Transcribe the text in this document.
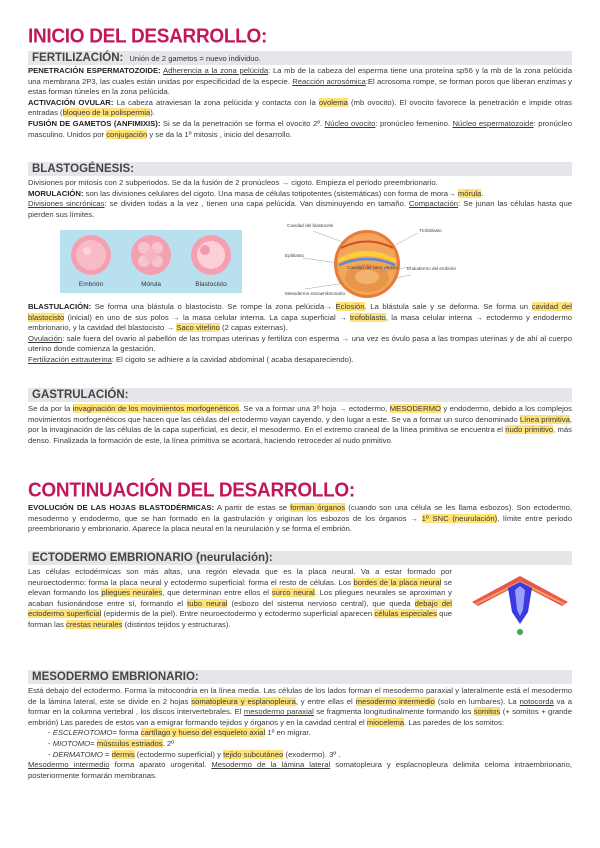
INICIO DEL DESARROLLO:
FERTILIZACIÓN: Unión de 2 gametos = nuevo individuo.

PENETRACIÓN ESPERMATOZOIDE: Adherencia a la zona pelúcida: La mb de la cabeza del esperma tiene una proteína sp56 y la mb de la zona pelúcida una membrana 2P3, las cuales están unidas por especificidad de la especie. Reacción acrosómica:El acrosoma rompe, se forman poros que liberan enzimas y estas forman túneles en la zona pelúcida.

ACTIVACIÓN OVULAR: La cabeza atraviesan la zona pelúcida y contacta con la ovolema (mb ovocito). El ovocito favorece la penetración e impide otras entradas (bloqueo de la polispermia).

FUSIÓN DE GAMETOS (ANFIMIXIS): Si se da la penetración se forma el ovocito 2º. Núcleo ovocito: pronúcleo femenino. Núcleo espermatozoide: pronúcleo masculino. Unidos por conjugación y se da la 1º mitosis , inicio del desarrollo.

BLASTOGÉNESIS:

Divisiones por mitosis con 2 subperiodos. Se da la fusión de 2 pronúcleos → cigoto. Empieza el periodo preembrionario.

MORULACIÓN: son las divisiones celulares del cigoto. Una masa de células totipotentes (sistemáticas) con forma de mora→ mórula.

Divisiones sincrónicas: se dividen todas a la vez , tienen una capa pelúcida. Van disminuyendo en tamaño. Compactación: Se junan las células hasta que pierden sus límites.

Embrión	Mórula	Blastocisto
Cavidad del blastocele
Trofoblasto
Epiblasto
Cavidad del saco vitelino Endodermo del embrión
Mesodermo extraembrionario

BLASTULACIÓN: Se forma una blástula o blastocisto. Se rompe la zona pelúcida→ Eclosión. La blástula sale y se deforma. Se forma un cavidad del blastocisto (inicial) en uno de sus polos → la masa celular interna. La capa superficial → trofoblasto, la masa celular interna → ectodermo y endodermo embrionario, y la cavidad del blastocisto → Saco vitelino (2 capas externas).

Ovulación: sale fuera del ovario al pabellón de las trompas uterinas y fertiliza con esperma → una vez es óvulo pasa a las trompas uterinas y de ahí al cuerpo uterino donde comienza la gestación.

Fertilización extrauterina: El cigoto se adhiere a la cavidad abdominal ( acaba desapareciendo).

GASTRULACIÓN:

Se da por la invaginación de los movimientos morfogenéticos. Se va a formar una 3º hoja → ectodermo, MESODERMO y endodermo, debido a los complejos movimientos morfogenéticos que hacen que las células del ectodermo vayan cayendo, y den lugar a este. Se va a formar un surco denominado Línea primitiva, por la invaginación de las células de la capa superficial, es decir, el mesodermo. En el extremo craneal de la línea primitiva se encuentra el nudo primitivo, más denso. Finalizada la formación de este, la línea primitiva se acortará, haciendo retroceder al nudo primitivo.

CONTINUACIÓN DEL DESARROLLO:

EVOLUCIÓN DE LAS HOJAS BLASTODÉRMICAS: A partir de estas se forman órganos (cuando son una célula se les llama esbozos). Son ectodermo, mesodermo y endodermo, que se han formado en la gastrulación y originan los esbozos de los órganos → 1º SNC (neurulación), límite entre periodo preembrionario y embrionario. Aparece la placa neural en la neurulación y se forma el embrión.

ECTODERMO EMBRIONARIO (neurulación):

Las células ectodérmicas son más altas, una región elevada que es la placa neural. Va a estar formado por neuroectodermo: forma la placa neural y ectodermo superficial: forma el resto de células. Los bordes de la placa neural se elevan formando los pliegues neurales, que determinan entre ellos el surco neural. Los pliegues neurales se aproximan y acaban fusionándose entre sí, formando el tubo neural (esbozo del sistema nervioso central), que queda debajo del ectodermo superficial (epidermis de la piel). Entre neuroectodermo y ectodermo superficial aparecen células especiales que forman las crestas neurales (distintos tejidos y estructuras).

MESODERMO EMBRIONARIO:

Está debajo del ectodermo. Forma la mitocondria en la línea media. Las células de los lados forman el mesodermo paraxial y lateralmente está el mesodermo de la lámina lateral, este se divide en 2 hojas somatopleura y esplanopleura, y entre ellas el mesodermo intermedio (solo en lumbares). La notocorda va a formar en la columna vertebral , los discos intervertebrales. El mesodermo paraxial se fragmenta longitudinalmente formando los somitos (+ somitos + grande embrión) Las paredes de estos van a emigrar formando tejidos y órganos y en la cavidad central el miocelema. Las paredes de los somitos:

- ESCLEROTOMO= forma cartílago y hueso del esqueleto axial 1º en migrar.

- MIOTOMO= músculos estriados. 2º

- DERMATOMO = dermis (ectodermo superficial) y tejido subcutáneo (exodermo). 3º .

Mesodermo intermedio forma aparato urogenital. Mesodermo de la lámina lateral somatopleura y esplacnopleura delimita celoma intraembrionario, posteriormente formarán membranas.
